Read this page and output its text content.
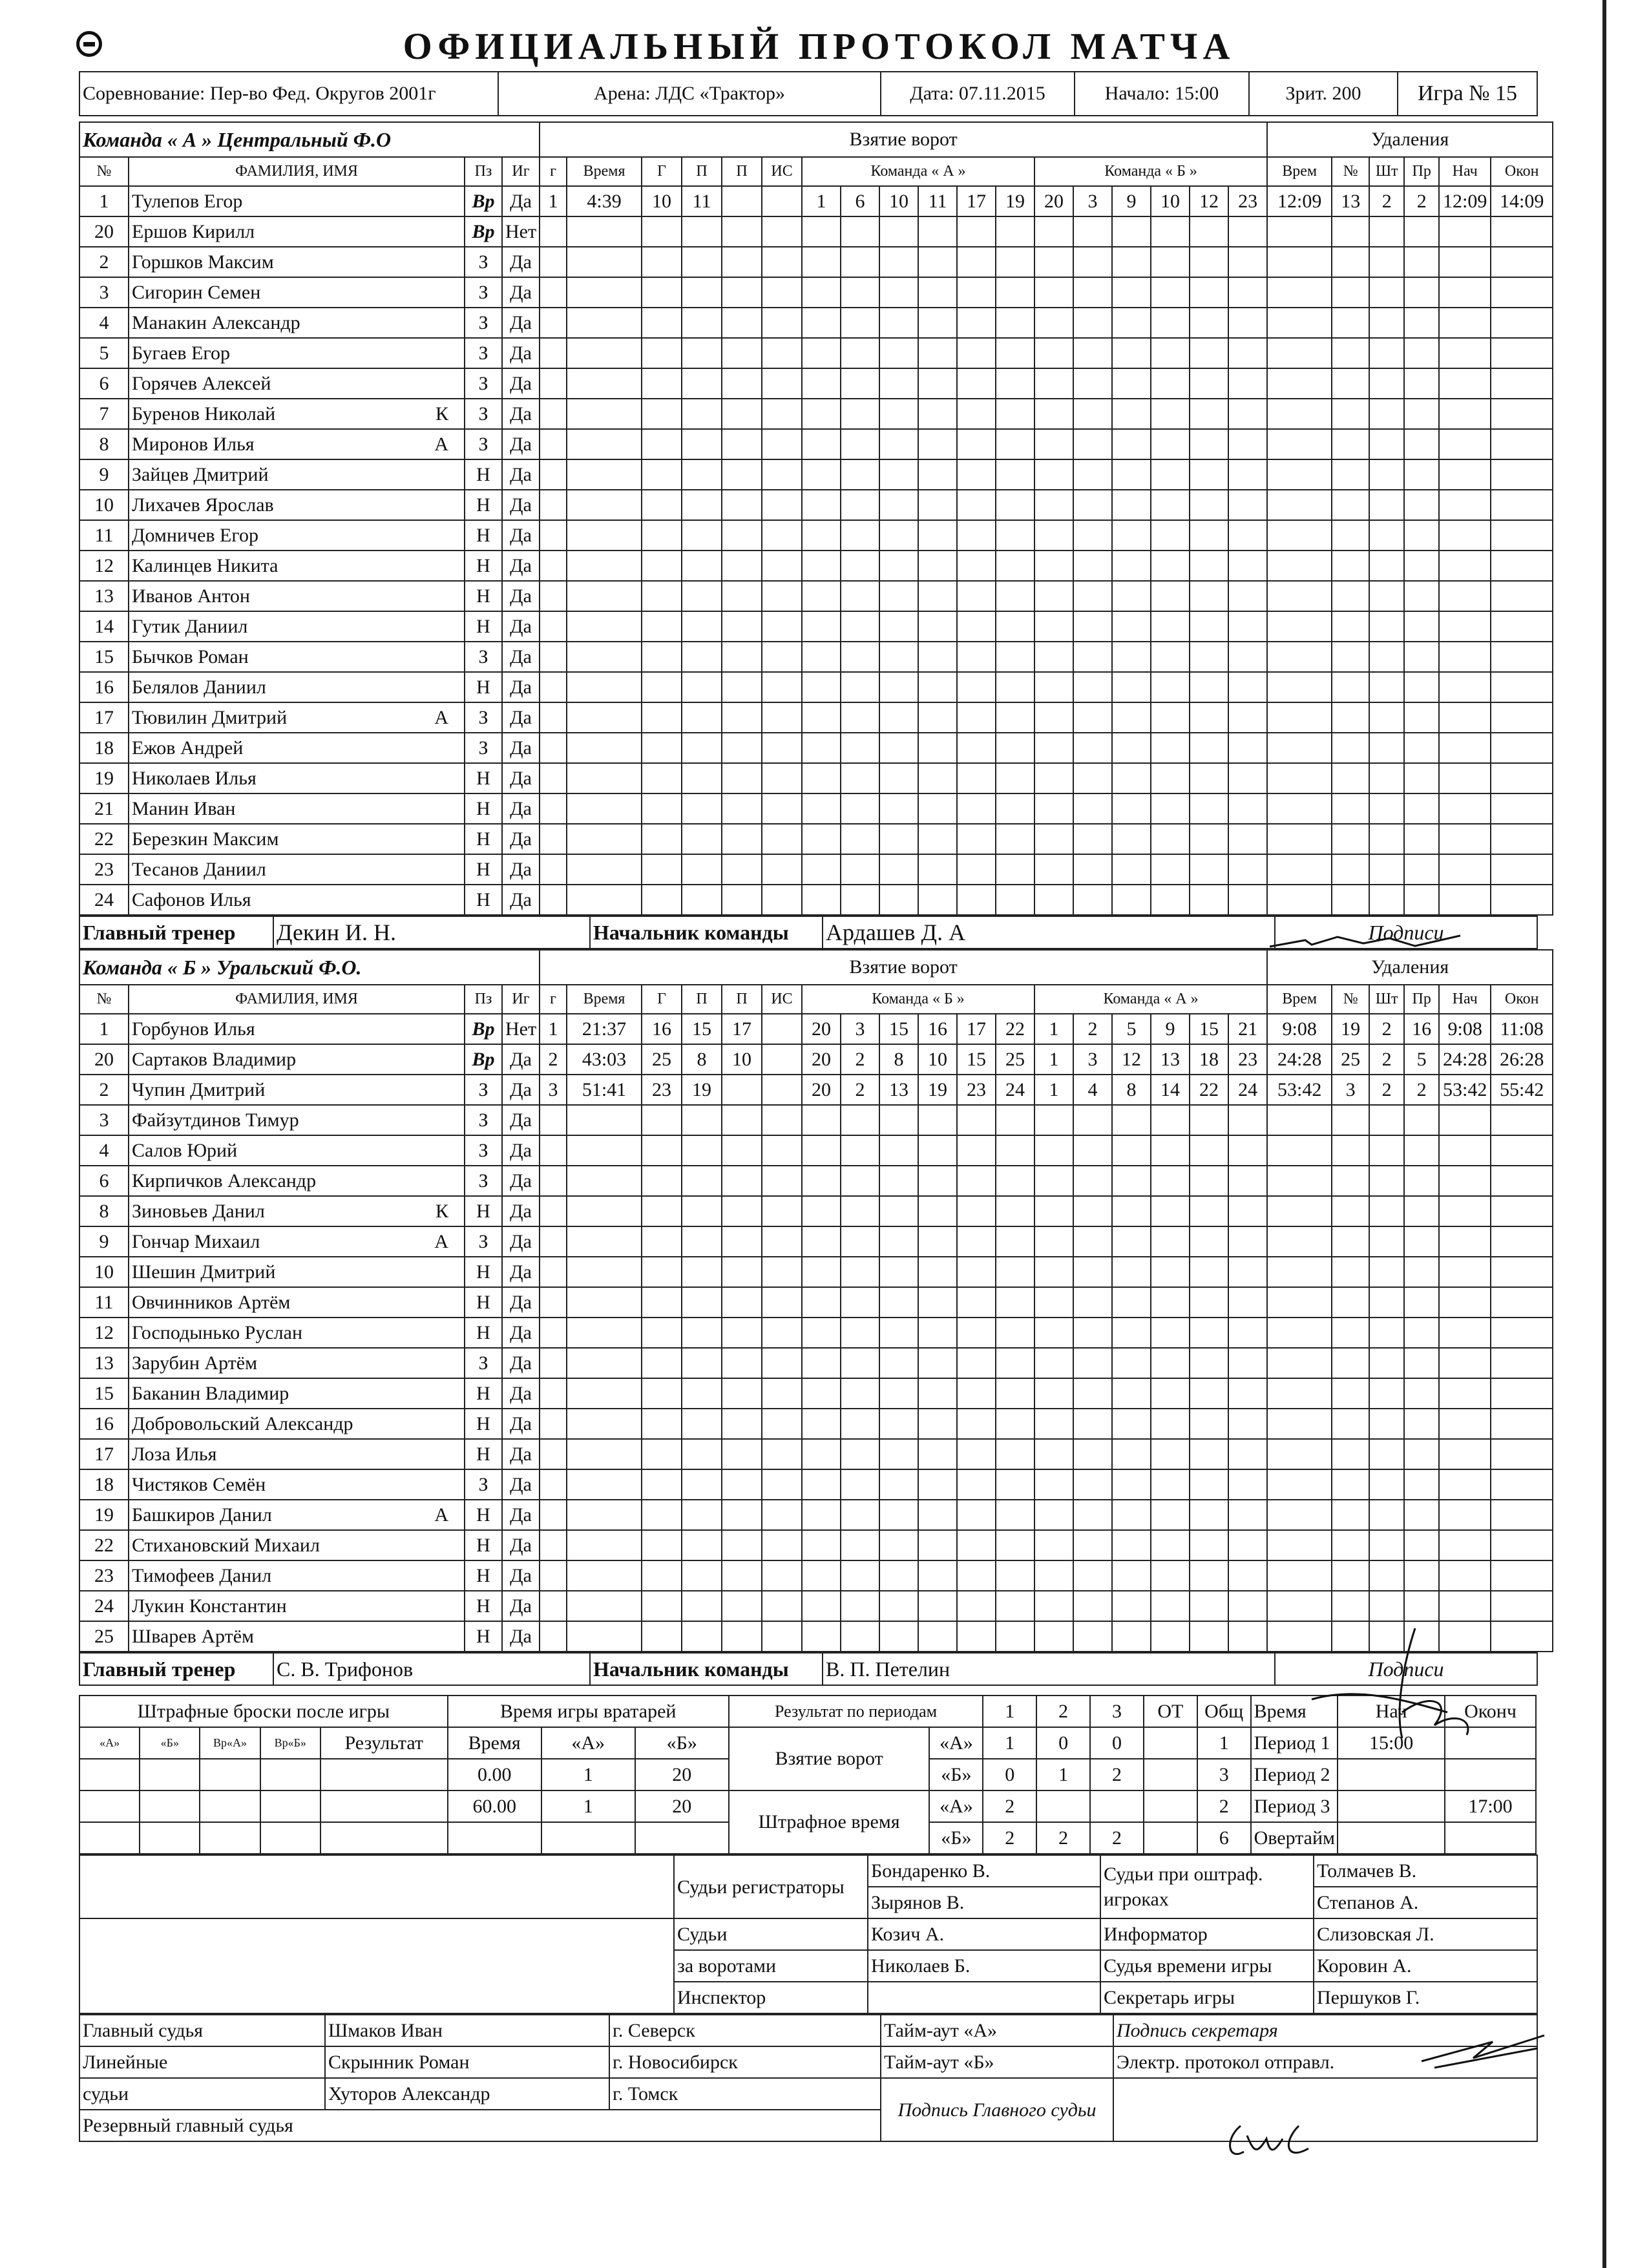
ОФИЦИАЛЬНЫЙ ПРОТОКОЛ МАТЧА
Соревнование: Пер-во Фед. Округов 2001г	Арена: ЛДС «Трактор»	Дата: 07.11.2015	Начало: 15:00	Зрит. 200	Игра № 15
Команда « А » Центральный Ф.О				Взятие ворот																		Удаления					
№	ФАМИЛИЯ, ИМЯ	Пз	Иг	г	Время	Г	П	П	ИС	Команда « А »						Команда « Б »						Врем	№	Шт	Пр	Нач	Окон
1	Тулепов Егор	Вр	Да	1	4:39	10	11			1	6	10	11	17	19	20	3	9	10	12	23	12:09	13	2	2	12:09	14:09
20	Ершов Кирилл	Вр	Нет																								
2	Горшков Максим	З	Да																								
3	Сигорин Семен	З	Да																								
4	Манакин Александр	З	Да																								
5	Бугаев Егор	З	Да																								
6	Горячев Алексей	З	Да																								
7	Буренов Николай К	З	Да																								
8	Миронов Илья А	З	Да																								
9	Зайцев Дмитрий	Н	Да																								
10	Лихачев Ярослав	Н	Да																								
11	Домничев Егор	Н	Да																								
12	Калинцев Никита	Н	Да																								
13	Иванов Антон	Н	Да																								
14	Гутик Даниил	Н	Да																								
15	Бычков Роман	З	Да																								
16	Белялов Даниил	Н	Да																								
17	Тювилин Дмитрий А	З	Да																								
18	Ежов Андрей	З	Да																								
19	Николаев Илья	Н	Да																								
21	Манин Иван	Н	Да																								
22	Березкин Максим	Н	Да																								
23	Тесанов Даниил	Н	Да																								
24	Сафонов Илья	Н	Да																								
Главный тренер	Декин И. Н.	Начальник команды	Ардашев Д. А	Подписи
Команда « Б » Уральский Ф.О.				Взятие ворот																		Удаления					
№	ФАМИЛИЯ, ИМЯ	Пз	Иг	г	Время	Г	П	П	ИС	Команда « Б »						Команда « А »						Врем	№	Шт	Пр	Нач	Окон
1	Горбунов Илья	Вр	Нет	1	21:37	16	15	17		20	3	15	16	17	22	1	2	5	9	15	21	9:08	19	2	16	9:08	11:08
20	Сартаков Владимир	Вр	Да	2	43:03	25	8	10		20	2	8	10	15	25	1	3	12	13	18	23	24:28	25	2	5	24:28	26:28
2	Чупин Дмитрий	З	Да	3	51:41	23	19			20	2	13	19	23	24	1	4	8	14	22	24	53:42	3	2	2	53:42	55:42
3	Файзутдинов Тимур	З	Да																								
4	Салов Юрий	З	Да																								
6	Кирпичков Александр	З	Да																								
8	Зиновьев Данил К	Н	Да																								
9	Гончар Михаил А	З	Да																								
10	Шешин Дмитрий	Н	Да																								
11	Овчинников Артём	Н	Да																								
12	Господынько Руслан	Н	Да																								
13	Зарубин Артём	З	Да																								
15	Баканин Владимир	Н	Да																								
16	Добровольский Александр	Н	Да																								
17	Лоза Илья	Н	Да																								
18	Чистяков Семён	З	Да																								
19	Башкиров Данил А	Н	Да																								
22	Стихановский Михаил	Н	Да																								
23	Тимофеев Данил	Н	Да																								
24	Лукин Константин	Н	Да																								
25	Шварев Артём	Н	Да																								
Главный тренер	С. В. Трифонов	Начальник команды	В. П. Петелин	Подписи
Штрафные броски после игры					Время игры вратарей			Результат по периодам		1	2	3	ОТ	Общ	Время	Нач	Оконч
«А»	«Б»	Вр«А»	Вр«Б»	Результат	Время	«А»	«Б»	Взятие ворот	«А»	1	0	0		1	Период 1	15:00	
					0.00	1	20		«Б»	0	1	2		3	Период 2		
					60.00	1	20	Штрафное время	«А»	2				2	Период 3		17:00
									«Б»	2	2	2		6	Овертайм		
	Судьи регистраторы	Бондаренко В.	Судьи при оштраф. игроках	Толмачев В.
		Зырянов В.		Степанов А.
	Судьи	Козич А.	Информатор	Слизовская Л.
	за воротами	Николаев Б.	Судья времени игры	Коровин А.
	Инспектор		Секретарь игры	Першуков Г.
Главный судья	Шмаков Иван	г. Северск	Тайм-аут «А»	Подпись секретаря
Линейные	Скрынник Роман	г. Новосибирск	Тайм-аут «Б»	Электр. протокол отправл.
судьи	Хуторов Александр	г. Томск	Подпись Главного судьи	
Резервный главный судья				
